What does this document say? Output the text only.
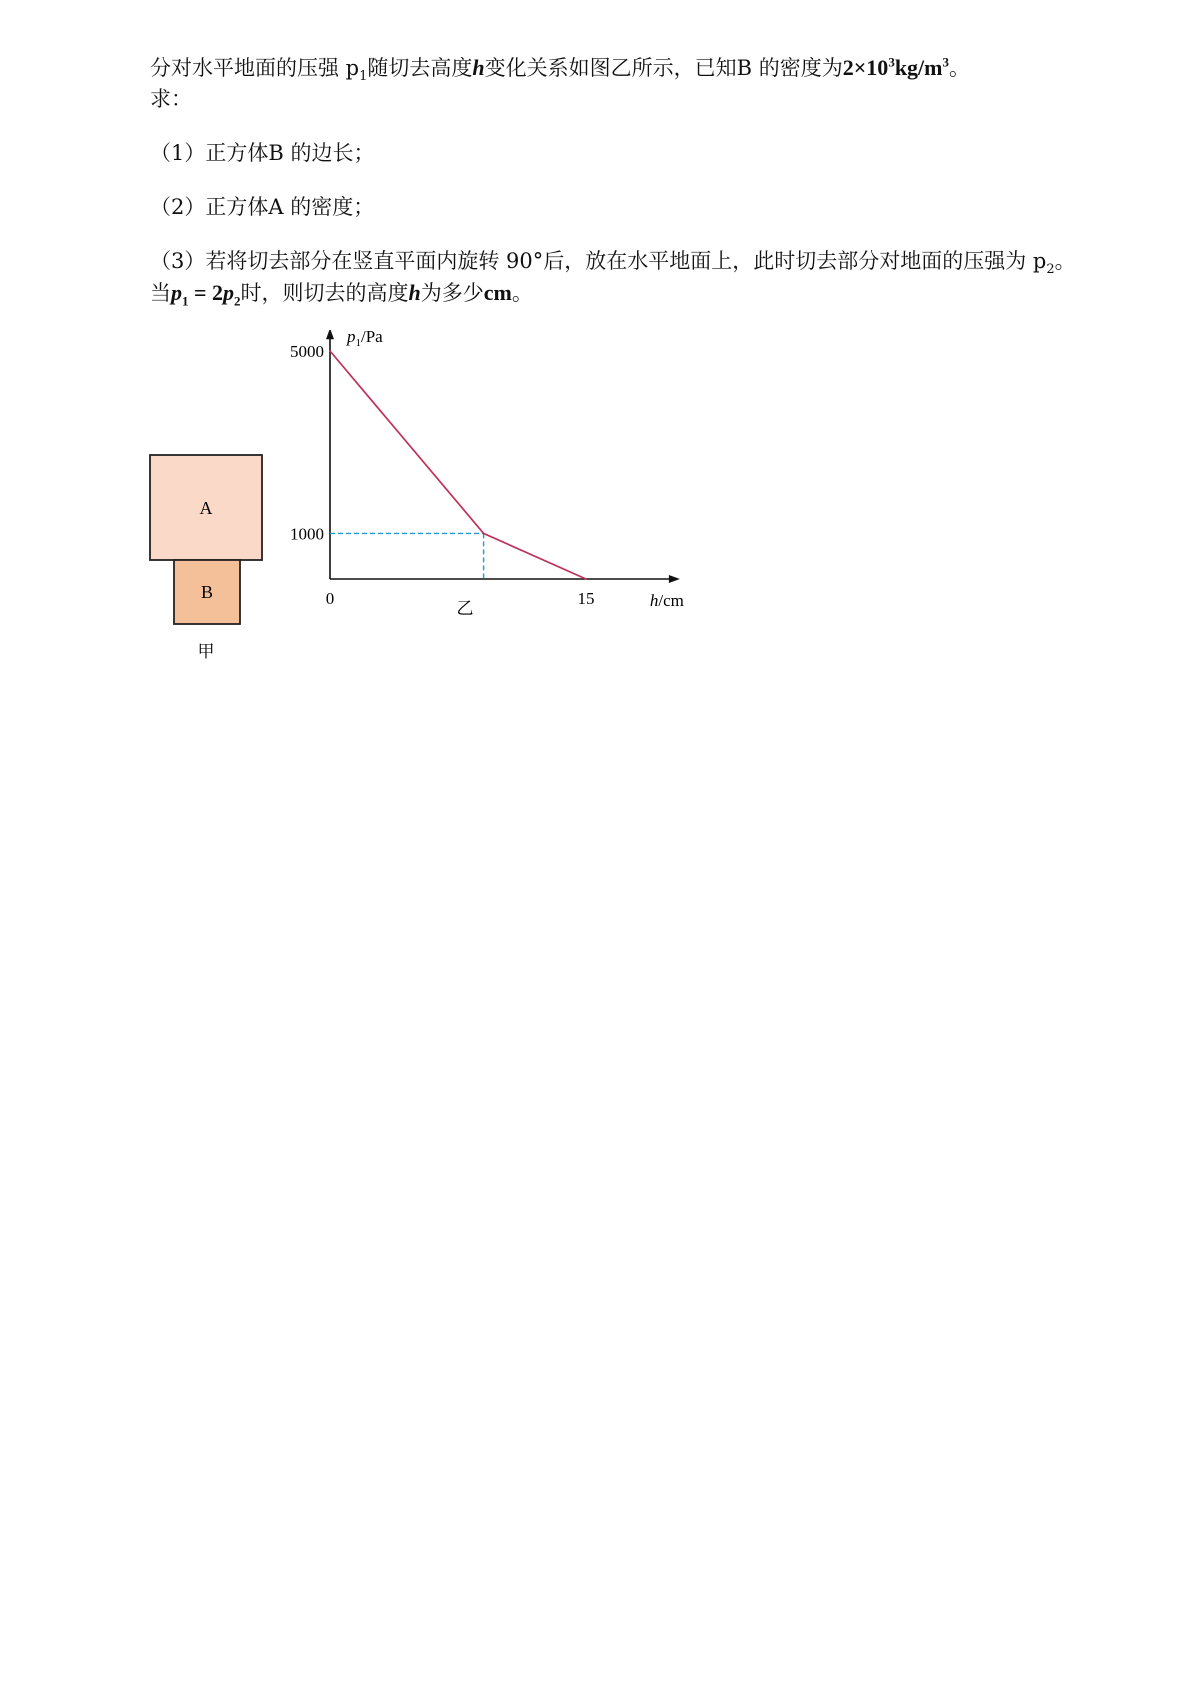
分对水平地面的压强 $p_1$随切去高度h变化关系如图乙所示，已知B 的密度为$2\times 10^3kg/m^3$。
求：

（1）正方体B 的边长；

（2）正方体A 的密度；

（3）若将切去部分在竖直平面内旋转 90°后，放在水平地面上，此时切去部分对地面的压强为 $p_2$。当$p_1 = 2p_2$时，则切去的高度h为多少cm。

A
B
甲
1000
5000
0	15
$p_1/Pa$
h/cm
乙
